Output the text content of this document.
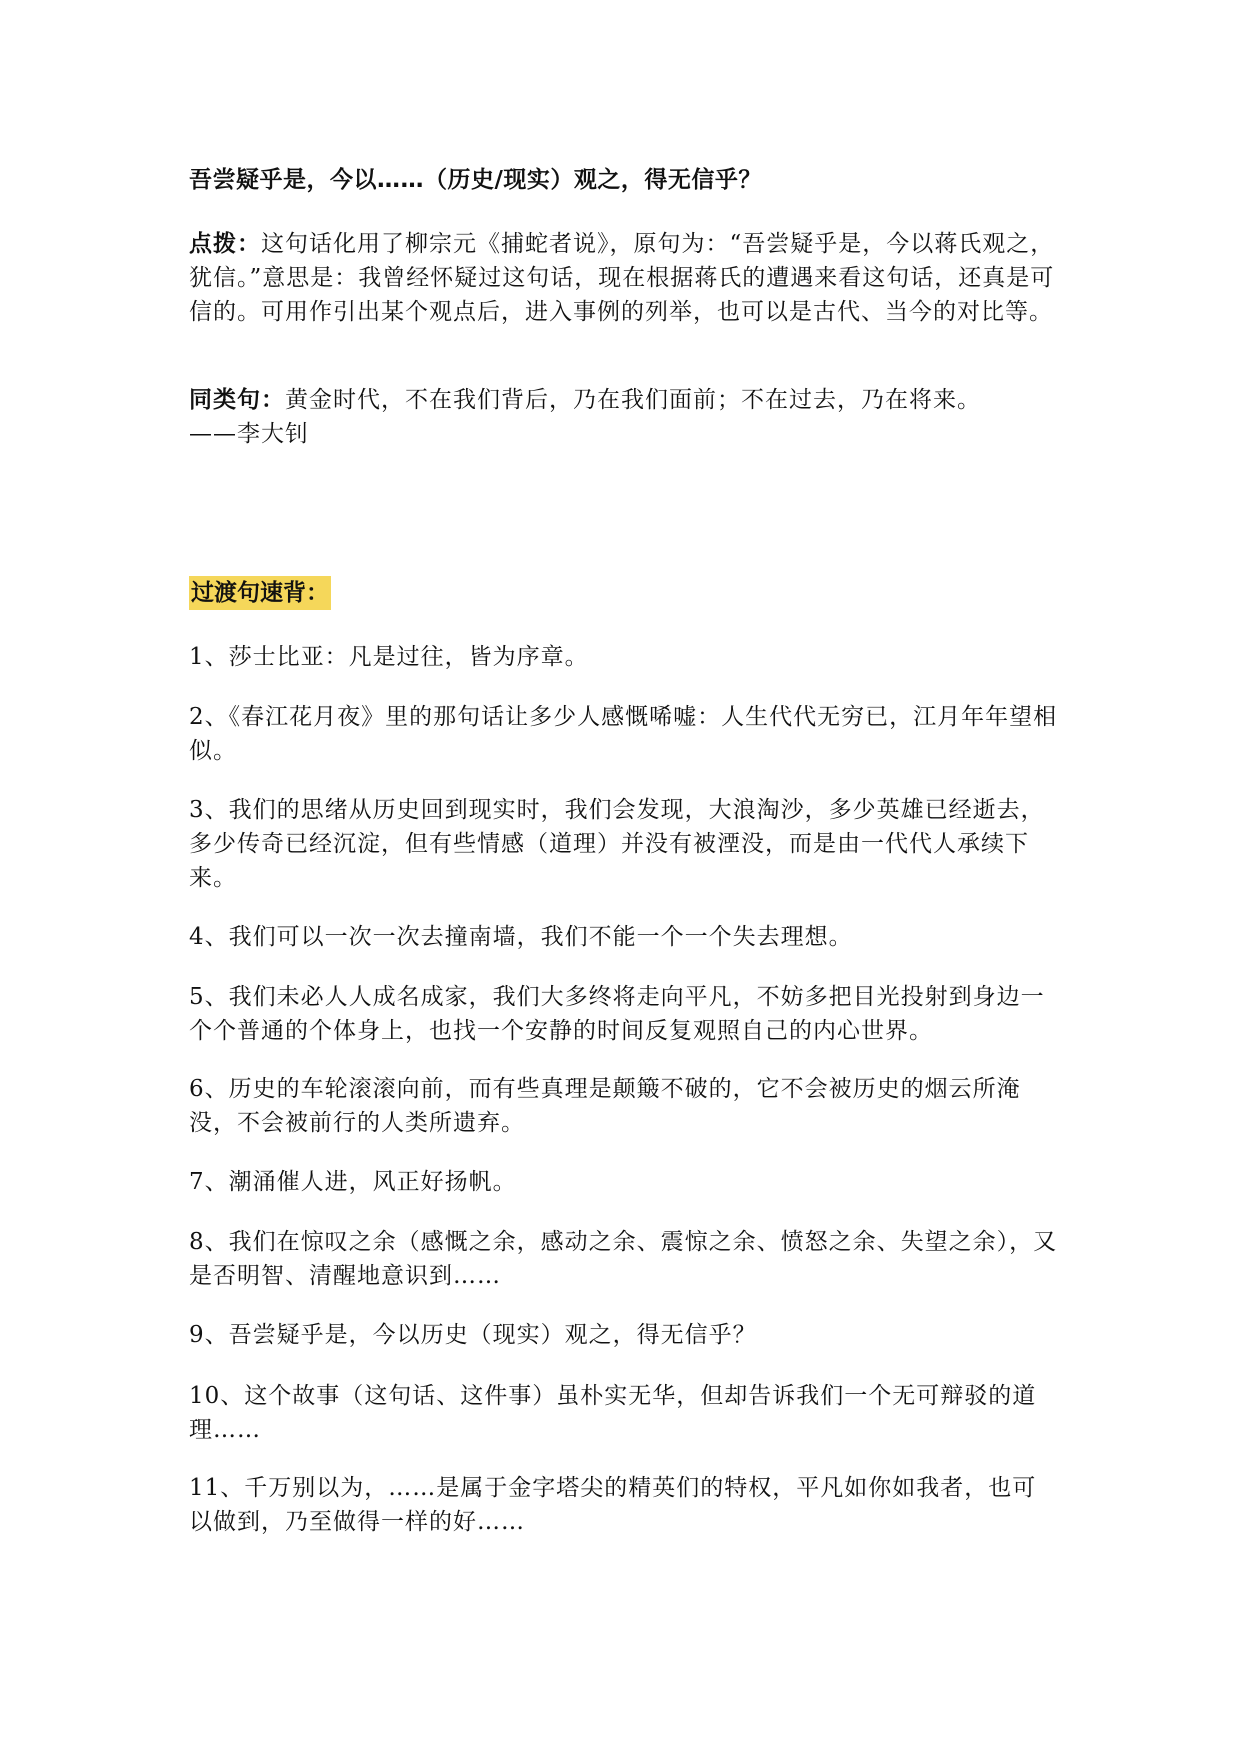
吾尝疑乎是，今以……（历史/现实）观之，得无信乎？
点拨：这句话化用了柳宗元《捕蛇者说》，原句为：“吾尝疑乎是，今以蒋氏观之，犹信。”意思是：我曾经怀疑过这句话，现在根据蒋氏的遭遇来看这句话，还真是可信的。可用作引出某个观点后，进入事例的列举，也可以是古代、当今的对比等。
同类句：黄金时代，不在我们背后，乃在我们面前；不在过去，乃在将来。
——李大钊
过渡句速背：
1、莎士比亚：凡是过往，皆为序章。
2、《春江花月夜》里的那句话让多少人感慨唏嘘：人生代代无穷已，江月年年望相似。
3、我们的思绪从历史回到现实时，我们会发现，大浪淘沙，多少英雄已经逝去，多少传奇已经沉淀，但有些情感（道理）并没有被湮没，而是由一代代人承续下来。
4、我们可以一次一次去撞南墙，我们不能一个一个失去理想。
5、我们未必人人成名成家，我们大多终将走向平凡，不妨多把目光投射到身边一个个普通的个体身上，也找一个安静的时间反复观照自己的内心世界。
6、历史的车轮滚滚向前，而有些真理是颠簸不破的，它不会被历史的烟云所淹没，不会被前行的人类所遗弃。
7、潮涌催人进，风正好扬帆。
8、我们在惊叹之余（感慨之余，感动之余、震惊之余、愤怒之余、失望之余），又是否明智、清醒地意识到……
9、吾尝疑乎是，今以历史（现实）观之，得无信乎？
10、这个故事（这句话、这件事）虽朴实无华，但却告诉我们一个无可辩驳的道理……
11、千万别以为，……是属于金字塔尖的精英们的特权，平凡如你如我者，也可以做到，乃至做得一样的好……
